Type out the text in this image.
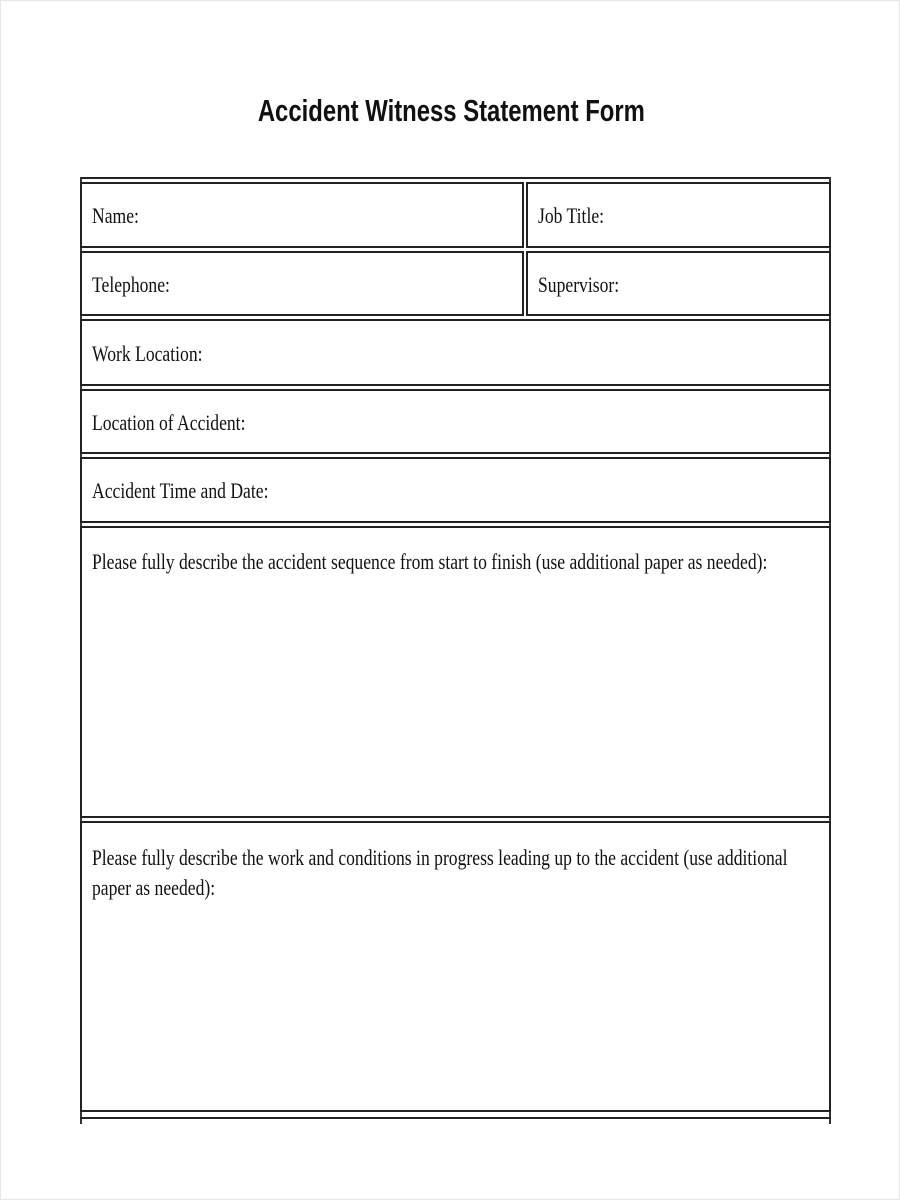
Accident Witness Statement Form
Name:	Job Title:
Telephone:	Supervisor:
Work Location:
Location of Accident:
Accident Time and Date:
Please fully describe the accident sequence from start to finish (use additional paper as needed):
Please fully describe the work and conditions in progress leading up to the accident (use additional paper as needed):
